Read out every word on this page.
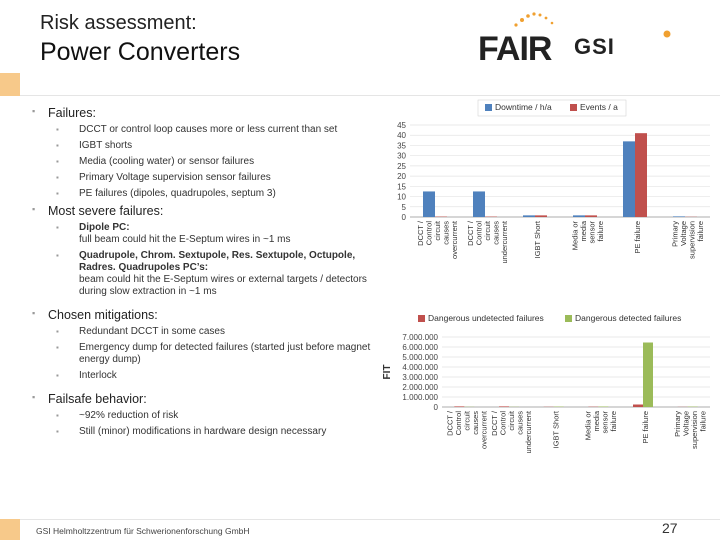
Risk assessment:
Power Converters	FAIR GSI
▪ Failures:
▪ DCCT or control loop causes more or less current than set
▪ IGBT shorts
▪ Media (cooling water) or sensor failures
▪ Primary Voltage supervision sensor failures
▪ PE failures (dipoles, quadrupoles, septum 3)
▪ Most severe failures:
▪ Dipole PC:
full beam could hit the E-Septum wires in ~1 ms
▪ Quadrupole, Chrom. Sextupole, Res. Sextupole, Octupole, Radres. Quadrupoles PC’s:
beam could hit the E-Septum wires or external targets / detectors during slow extraction in ~1 ms
▪ Chosen mitigations:
▪ Redundant DCCT in some cases
▪ Emergency dump for detected failures (started just before magnet energy dump)
▪ Interlock
▪ Failsafe behavior:
▪ ~92% reduction of risk
▪ Still (minor) modifications in hardware design necessary
Downtime / h/a	Events / a
0
5
10
15
20
25
30
35
40
45
DCCT / Control circuit causes overcurrent DCCT / Control circuit causes undercurrent	IGBT Short	Media or media sensor failure	PE failure	Primary Voltage supervision failure
Dangerous undetected failures	Dangerous detected failures
0
1.000.000
2.000.000
3.000.000
4.000.000
5.000.000
6.000.000
7.000.000
FIT
DCCT / Control circuit causes overcurrent DCCT / Control circuit causes undercurrent IGBT Short	Media or media sensor failure	PE failure	Primary Voltage supervision failure
GSI Helmholtzzentrum für Schwerionenforschung GmbH	27
